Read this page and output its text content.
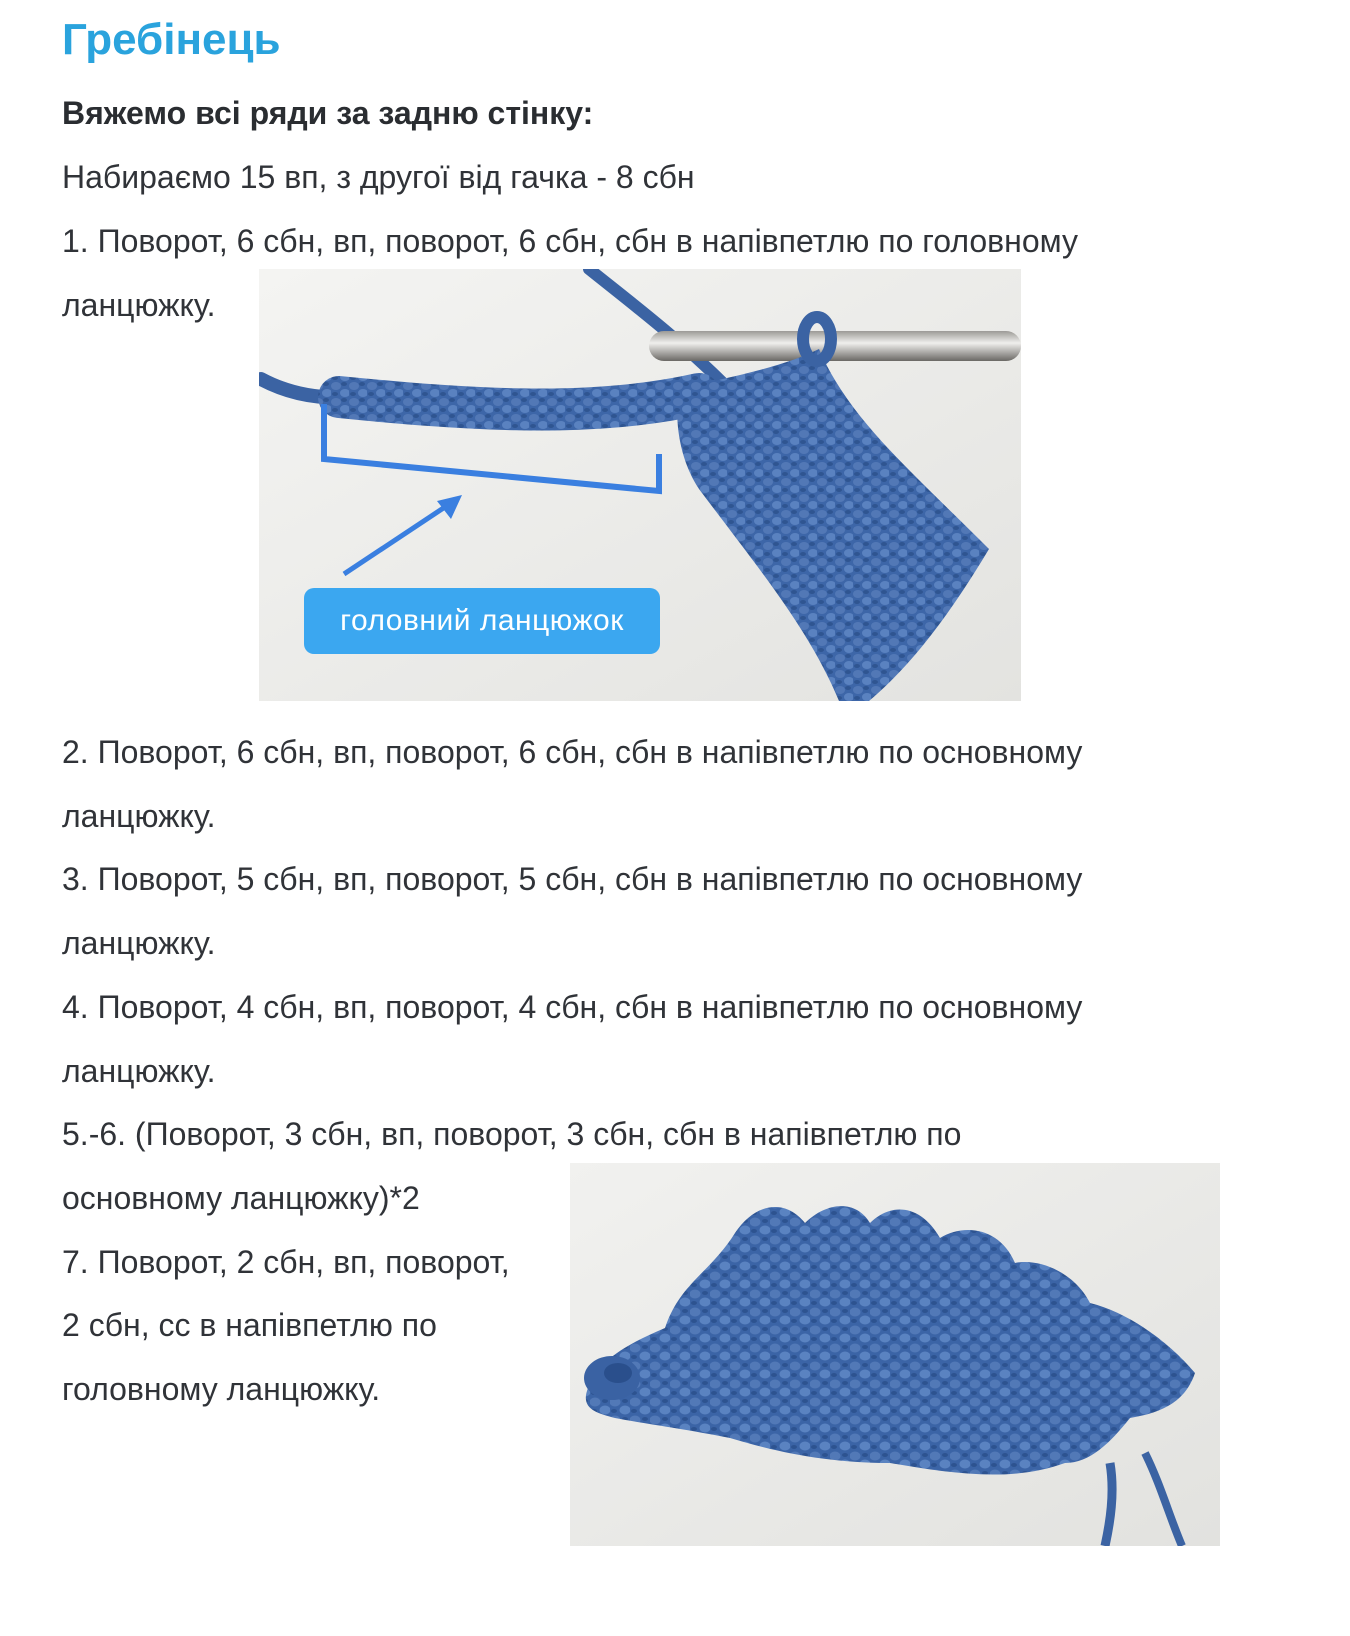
Гребінець
Вяжемо всі ряди за задню стінку:
Набираємо 15 вп, з другої від гачка - 8 сбн
1. Поворот, 6 сбн, вп, поворот, 6 сбн, сбн в напівпетлю по головному
ланцюжку.
головний ланцюжок
2. Поворот, 6 сбн, вп, поворот, 6 сбн, сбн в напівпетлю по основному
ланцюжку.
3. Поворот, 5 сбн, вп, поворот, 5 сбн, сбн в напівпетлю по основному
ланцюжку.
4. Поворот, 4 сбн, вп, поворот, 4 сбн, сбн в напівпетлю по основному
ланцюжку.
5.-6. (Поворот, 3 сбн, вп, поворот, 3 сбн, сбн в напівпетлю по
основному ланцюжку)*2
7. Поворот, 2 сбн, вп, поворот,
2 сбн, сс в напівпетлю по
головному ланцюжку.
